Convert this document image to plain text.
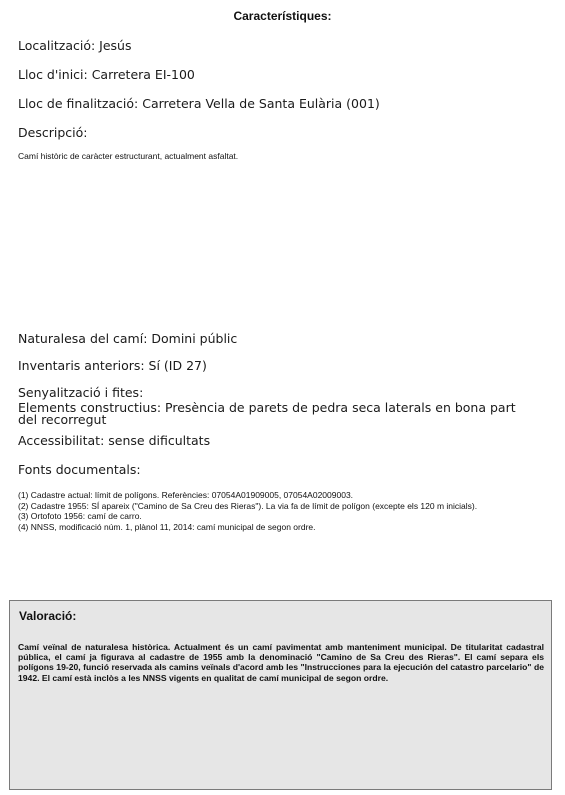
Característiques:
Localització: Jesús
Lloc d'inici: Carretera EI-100
Lloc de finalització: Carretera Vella de Santa Eulària (001)
Descripció:
Camí històric de caràcter estructurant, actualment asfaltat.
Naturalesa del camí: Domini públic
Inventaris anteriors: Sí (ID 27)
Senyalització i fites:
Elements constructius: Presència de parets de pedra seca laterals en bona part del recorregut
Accessibilitat: sense dificultats
Fonts documentals:
(1) Cadastre actual: límit de polígons. Referències: 07054A01909005, 07054A02009003.
(2) Cadastre 1955: SÍ apareix ("Camino de Sa Creu des Rieras"). La via fa de límit de polígon (excepte els 120 m inicials).
(3) Ortofoto 1956: camí de carro.
(4) NNSS, modificació núm. 1, plànol 11, 2014: camí municipal de segon ordre.
Valoració:
Camí veïnal de naturalesa històrica. Actualment és un camí pavimentat amb manteniment municipal. De titularitat cadastral pública, el camí ja figurava al cadastre de 1955 amb la denominació "Camino de Sa Creu des Rieras". El camí separa els polígons 19-20, funció reservada als camins veïnals d'acord amb les "Instrucciones para la ejecución del catastro parcelario" de 1942. El camí està inclòs a les NNSS vigents en qualitat de camí municipal de segon ordre.
